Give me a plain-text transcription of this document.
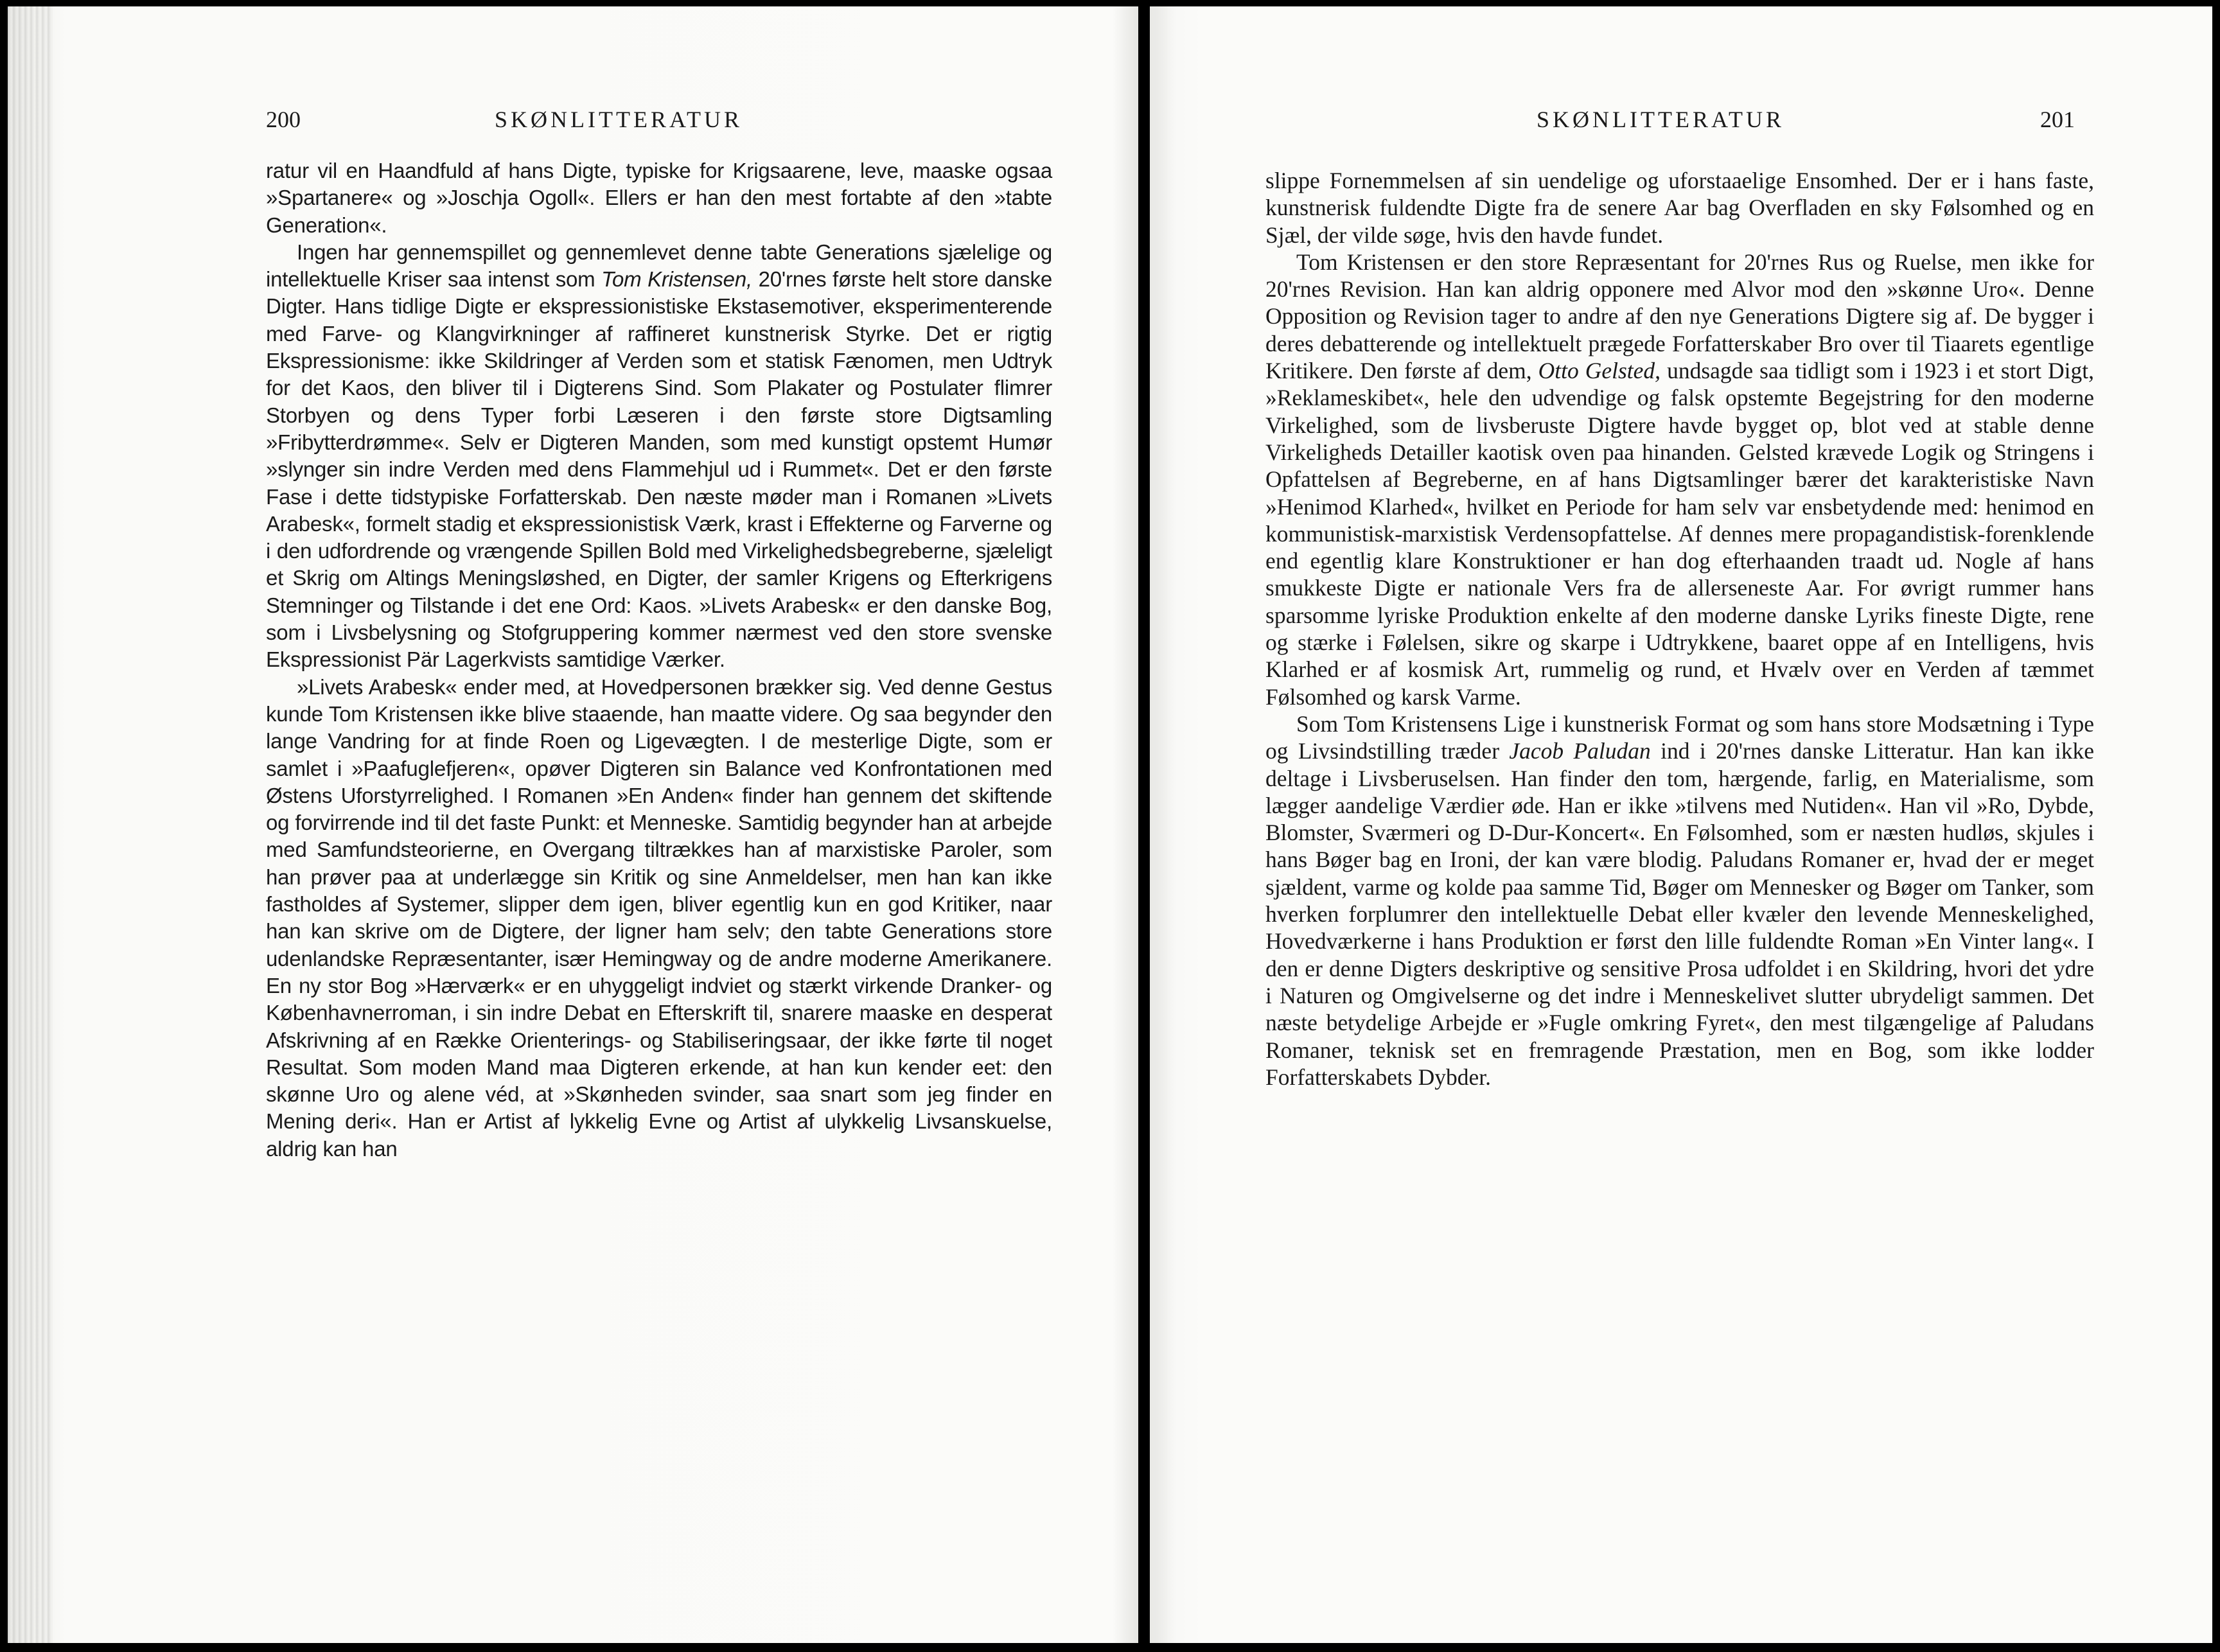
200	SKØNLITTERATUR

ratur vil en Haandfuld af hans Digte, typiske for Krigsaarene, leve, maaske ogsaa »Spartanere« og »Joschja Ogoll«. Ellers er han den mest fortabte af den »tabte Generation«.

Ingen har gennemspillet og gennemlevet denne tabte Generations sjælelige og intellektuelle Kriser saa intenst som Tom Kristensen, 20'rnes første helt store danske Digter. Hans tidlige Digte er ekspressionistiske Ekstasemotiver, eksperimenterende med Farve- og Klangvirkninger af raffineret kunstnerisk Styrke. Det er rigtig Ekspressionisme: ikke Skildringer af Verden som et statisk Fænomen, men Udtryk for det Kaos, den bliver til i Digterens Sind. Som Plakater og Postulater flimrer Storbyen og dens Typer forbi Læseren i den første store Digtsamling »Fribytterdrømme«. Selv er Digteren Manden, som med kunstigt opstemt Humør »slynger sin indre Verden med dens Flammehjul ud i Rummet«. Det er den første Fase i dette tidstypiske Forfatterskab. Den næste møder man i Romanen »Livets Arabesk«, formelt stadig et ekspressionistisk Værk, krast i Effekterne og Farverne og i den udfordrende og vrængende Spillen Bold med Virkelighedsbegreberne, sjæleligt et Skrig om Altings Meningsløshed, en Digter, der samler Krigens og Efterkrigens Stemninger og Tilstande i det ene Ord: Kaos. »Livets Arabesk« er den danske Bog, som i Livsbelysning og Stofgruppering kommer nærmest ved den store svenske Ekspressionist Pär Lagerkvists samtidige Værker.

»Livets Arabesk« ender med, at Hovedpersonen brækker sig. Ved denne Gestus kunde Tom Kristensen ikke blive staaende, han maatte videre. Og saa begynder den lange Vandring for at finde Roen og Ligevægten. I de mesterlige Digte, som er samlet i »Paafuglefjeren«, opøver Digteren sin Balance ved Konfrontationen med Østens Uforstyrrelighed. I Romanen »En Anden« finder han gennem det skiftende og forvirrende ind til det faste Punkt: et Menneske. Samtidig begynder han at arbejde med Samfundsteorierne, en Overgang tiltrækkes han af marxistiske Paroler, som han prøver paa at underlægge sin Kritik og sine Anmeldelser, men han kan ikke fastholdes af Systemer, slipper dem igen, bliver egentlig kun en god Kritiker, naar han kan skrive om de Digtere, der ligner ham selv; den tabte Generations store udenlandske Repræsentanter, især Hemingway og de andre moderne Amerikanere. En ny stor Bog »Hærværk« er en uhyggeligt indviet og stærkt virkende Dranker- og Københavnerroman, i sin indre Debat en Efterskrift til, snarere maaske en desperat Afskrivning af en Række Orienterings- og Stabiliseringsaar, der ikke førte til noget Resultat. Som moden Mand maa Digteren erkende, at han kun kender eet: den skønne Uro og alene véd, at »Skønheden svinder, saa snart som jeg finder en Mening deri«. Han er Artist af lykkelig Evne og Artist af ulykkelig Livsanskuelse, aldrig kan han

SKØNLITTERATUR	201

slippe Fornemmelsen af sin uendelige og uforstaaelige Ensomhed. Der er i hans faste, kunstnerisk fuldendte Digte fra de senere Aar bag Overfladen en sky Følsomhed og en Sjæl, der vilde søge, hvis den havde fundet.

Tom Kristensen er den store Repræsentant for 20'rnes Rus og Ruelse, men ikke for 20'rnes Revision. Han kan aldrig opponere med Alvor mod den »skønne Uro«. Denne Opposition og Revision tager to andre af den nye Generations Digtere sig af. De bygger i deres debatterende og intellektuelt prægede Forfatterskaber Bro over til Tiaarets egentlige Kritikere. Den første af dem, Otto Gelsted, undsagde saa tidligt som i 1923 i et stort Digt, »Reklameskibet«, hele den udvendige og falsk opstemte Begejstring for den moderne Virkelighed, som de livsberuste Digtere havde bygget op, blot ved at stable denne Virkeligheds Detailler kaotisk oven paa hinanden. Gelsted krævede Logik og Stringens i Opfattelsen af Begreberne, en af hans Digtsamlinger bærer det karakteristiske Navn »Henimod Klarhed«, hvilket en Periode for ham selv var ensbetydende med: henimod en kommunistisk-marxistisk Verdensopfattelse. Af dennes mere propagandistisk-forenklende end egentlig klare Konstruktioner er han dog efterhaanden traadt ud. Nogle af hans smukkeste Digte er nationale Vers fra de allerseneste Aar. For øvrigt rummer hans sparsomme lyriske Produktion enkelte af den moderne danske Lyriks fineste Digte, rene og stærke i Følelsen, sikre og skarpe i Udtrykkene, baaret oppe af en Intelligens, hvis Klarhed er af kosmisk Art, rummelig og rund, et Hvælv over en Verden af tæmmet Følsomhed og karsk Varme.

Som Tom Kristensens Lige i kunstnerisk Format og som hans store Modsætning i Type og Livsindstilling træder Jacob Paludan ind i 20'rnes danske Litteratur. Han kan ikke deltage i Livsberuselsen. Han finder den tom, hærgende, farlig, en Materialisme, som lægger aandelige Værdier øde. Han er ikke »tilvens med Nutiden«. Han vil »Ro, Dybde, Blomster, Sværmeri og D-Dur-Koncert«. En Følsomhed, som er næsten hudløs, skjules i hans Bøger bag en Ironi, der kan være blodig. Paludans Romaner er, hvad der er meget sjældent, varme og kolde paa samme Tid, Bøger om Mennesker og Bøger om Tanker, som hverken forplumrer den intellektuelle Debat eller kvæler den levende Menneskelighed, Hovedværkerne i hans Produktion er først den lille fuldendte Roman »En Vinter lang«. I den er denne Digters deskriptive og sensitive Prosa udfoldet i en Skildring, hvori det ydre i Naturen og Omgivelserne og det indre i Menneskelivet slutter ubrydeligt sammen. Det næste betydelige Arbejde er »Fugle omkring Fyret«, den mest tilgængelige af Paludans Romaner, teknisk set en fremragende Præstation, men en Bog, som ikke lodder Forfatterskabets Dybder.
